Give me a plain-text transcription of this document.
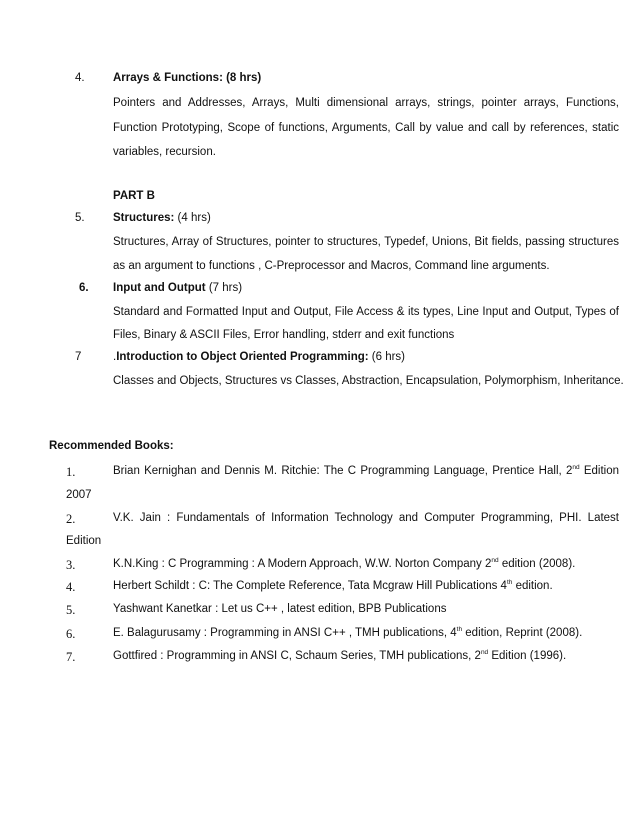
4. Arrays & Functions: (8 hrs)
Pointers and Addresses, Arrays, Multi dimensional arrays, strings, pointer arrays, Functions,
Function Prototyping, Scope of functions, Arguments, Call by value and call by references, static
variables, recursion.
PART B
5. Structures: (4 hrs)
Structures, Array of Structures, pointer to structures, Typedef, Unions, Bit fields, passing structures
as an argument to functions , C-Preprocessor and Macros, Command line arguments.
6. Input and Output (7 hrs)
Standard and Formatted Input and Output, File Access & its types, Line Input and Output, Types of
Files, Binary & ASCII Files, Error handling, stderr and exit functions
7	.Introduction to Object Oriented Programming: (6 hrs)
Classes and Objects, Structures vs Classes, Abstraction, Encapsulation, Polymorphism, Inheritance.
Recommended Books:
1.	Brian Kernighan and Dennis M. Ritchie: The C Programming Language, Prentice Hall, 2nd Edition
2007
2.	V.K. Jain : Fundamentals of Information Technology and Computer Programming, PHI. Latest
Edition
3.	K.N.King : C Programming : A Modern Approach, W.W. Norton Company 2nd edition (2008).
4.	Herbert Schildt : C: The Complete Reference, Tata Mcgraw Hill Publications 4th edition.
5.	Yashwant Kanetkar : Let us C++ , latest edition, BPB Publications
6.	E. Balagurusamy : Programming in ANSI C++ , TMH publications, 4th edition, Reprint (2008).
7.	Gottfired : Programming in ANSI C, Schaum Series, TMH publications, 2nd Edition (1996).
